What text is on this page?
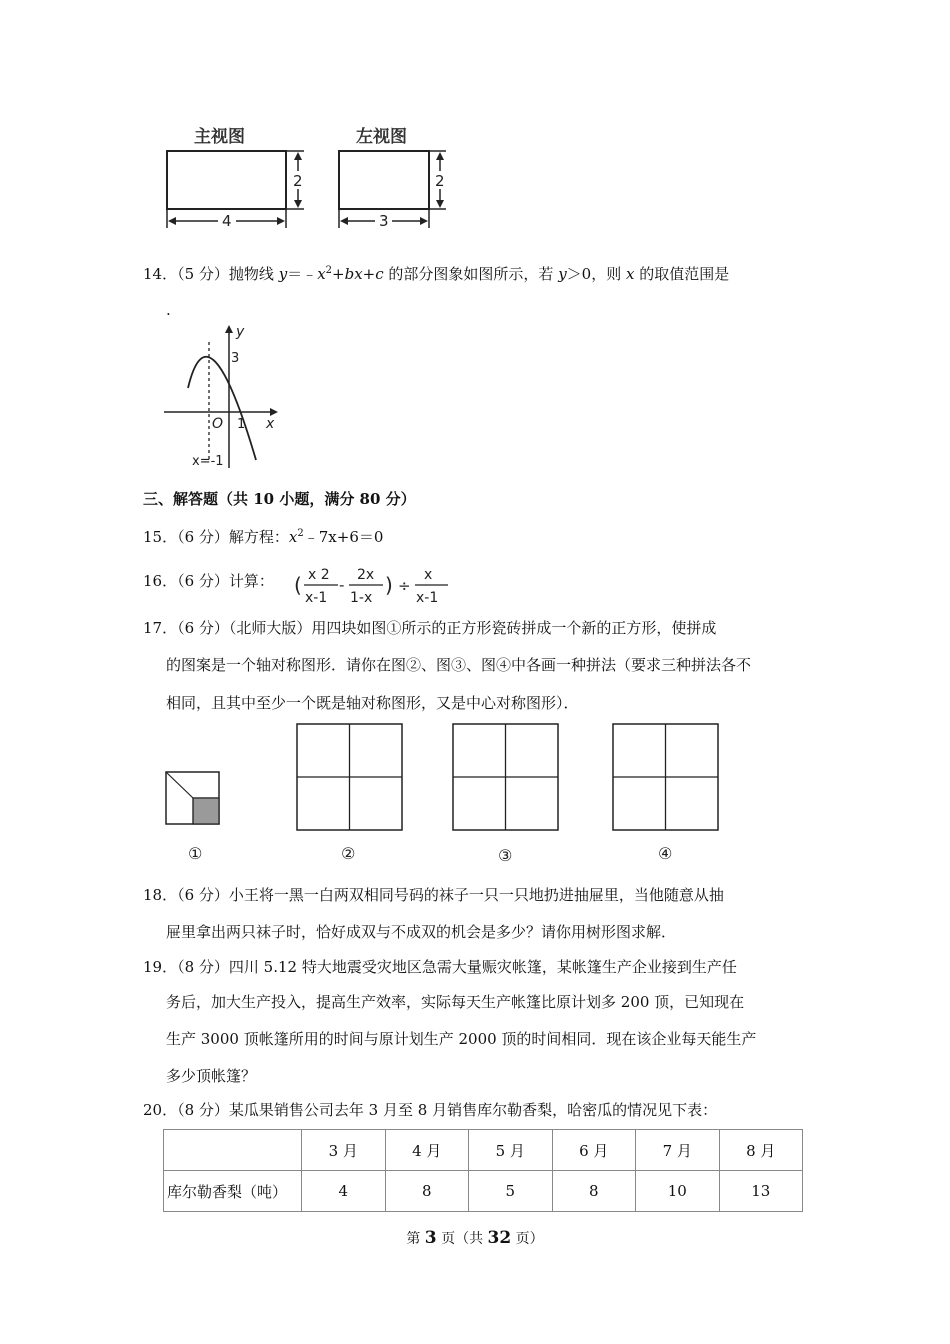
主视图	左视图
2
4
2
3
14．（5 分）抛物线 $y=﹣x^2+bx+c$ 的部分图象如图所示，若 y＞0，则 x 的取值范围是
.
y
x
O
3
1
x=-1
三、解答题（共 10 小题，满分 80 分）
15．（6 分）解方程：$x^2﹣7x+6=0$
16．（6 分）计算： ( x 2
x-1
-
2x
1-x
) ÷
x
x-1
17．（6 分）（北师大版）用四块如图①所示的正方形瓷砖拼成一个新的正方形，使拼成
的图案是一个轴对称图形．请你在图②、图③、图④中各画一种拼法（要求三种拼法各不
相同，且其中至少一个既是轴对称图形，又是中心对称图形）．
①	②	③	④
18．（6 分）小王将一黑一白两双相同号码的袜子一只一只地扔进抽屉里，当他随意从抽
屉里拿出两只袜子时，恰好成双与不成双的机会是多少？请你用树形图求解．
19．（8 分）四川 5.12 特大地震受灾地区急需大量赈灾帐篷，某帐篷生产企业接到生产任
务后，加大生产投入，提高生产效率，实际每天生产帐篷比原计划多 200 顶，已知现在
生产 3000 顶帐篷所用的时间与原计划生产 2000 顶的时间相同．现在该企业每天能生产
多少顶帐篷？
20．（8 分）某瓜果销售公司去年 3 月至 8 月销售库尔勒香梨，哈密瓜的情况见下表：
	3 月	4 月	5 月	6 月	7 月	8 月
库尔勒香梨（吨）	4	8	5	8	10	13
第 3 页（共 32 页）
